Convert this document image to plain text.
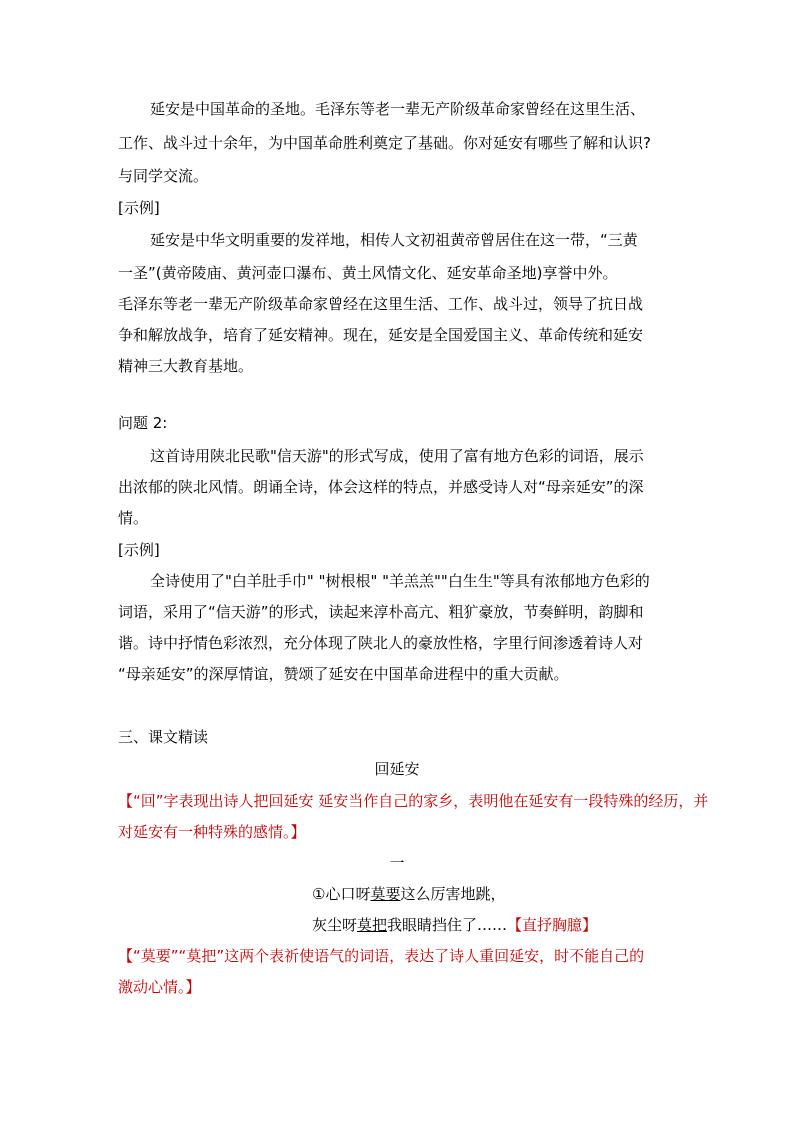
延安是中国革命的圣地。毛泽东等老一辈无产阶级革命家曾经在这里生活、
工作、战斗过十余年，为中国革命胜利奠定了基础。你对延安有哪些了解和认识?
与同学交流。
[示例]
延安是中华文明重要的发祥地，相传人文初祖黄帝曾居住在这一带，“三黄
一圣”(黄帝陵庙、黄河壶口瀑布、黄土风情文化、延安革命圣地)享誉中外。
毛泽东等老一辈无产阶级革命家曾经在这里生活、工作、战斗过，领导了抗日战
争和解放战争，培育了延安精神。现在，延安是全国爱国主义、革命传统和延安
精神三大教育基地。
问题 2:
这首诗用陕北民歌"信天游"的形式写成，使用了富有地方色彩的词语，展示
出浓郁的陕北风情。朗诵全诗，体会这样的特点，并感受诗人对“母亲延安”的深
情。
[示例]
全诗使用了"白羊肚手巾" "树根根" "羊羔羔""白生生"等具有浓郁地方色彩的
词语，采用了“信天游”的形式，读起来淳朴高亢、粗犷豪放，节奏鲜明，韵脚和
谐。诗中抒情色彩浓烈，充分体现了陕北人的豪放性格，字里行间渗透着诗人对
“母亲延安”的深厚情谊，赞颂了延安在中国革命进程中的重大贡献。
三、课文精读
回延安
【“回”字表现出诗人把回延安 延安当作自己的家乡，表明他在延安有一段特殊的经历，并
对延安有一种特殊的感情。】
一
①心口呀莫要这么厉害地跳，
灰尘呀莫把我眼睛挡住了……【直抒胸臆】
【“莫要”“莫把”这两个表祈使语气的词语，表达了诗人重回延安，时不能自己的
激动心情。】
